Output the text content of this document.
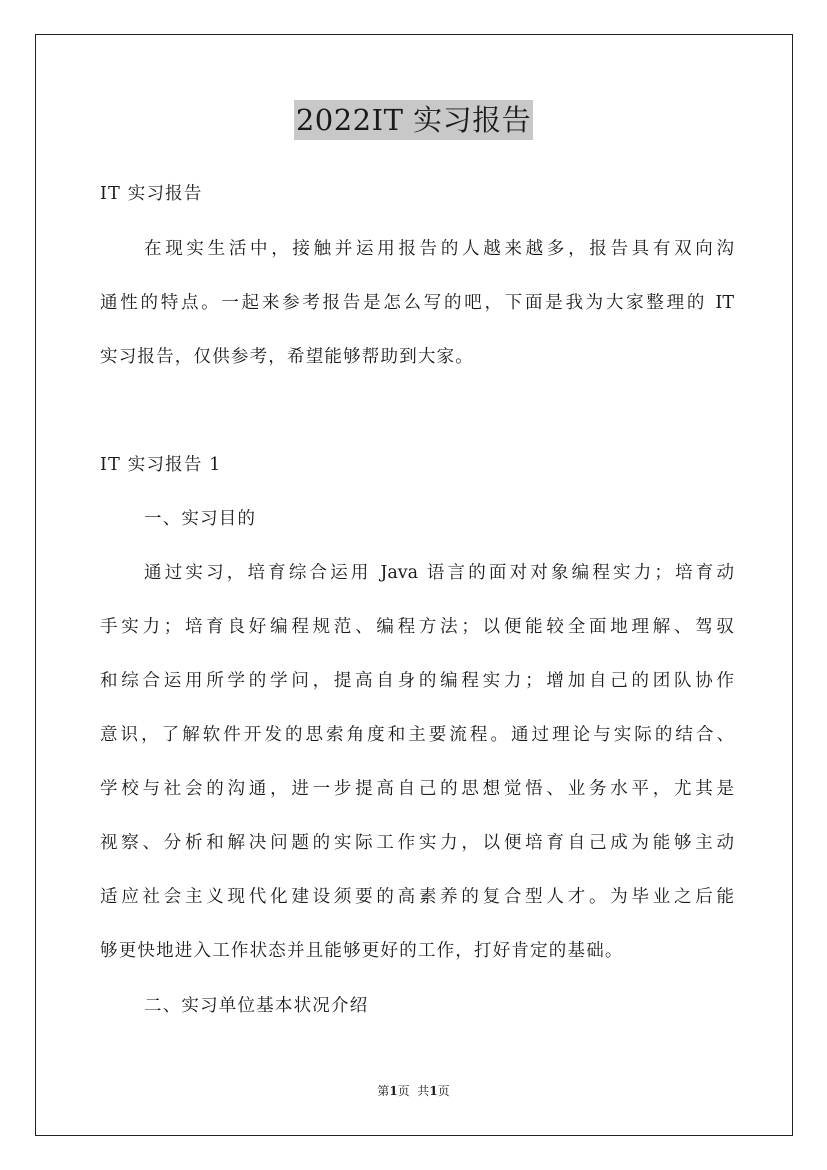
2022IT 实习报告
IT 实习报告
在现实生活中，接触并运用报告的人越来越多，报告具有双向沟
通性的特点。一起来参考报告是怎么写的吧，下面是我为大家整理的 IT
实习报告，仅供参考，希望能够帮助到大家。
IT 实习报告 1
一、实习目的
通过实习，培育综合运用 Java 语言的面对对象编程实力；培育动
手实力；培育良好编程规范、编程方法；以便能较全面地理解、驾驭
和综合运用所学的学问，提高自身的编程实力；增加自己的团队协作
意识，了解软件开发的思索角度和主要流程。通过理论与实际的结合、
学校与社会的沟通，进一步提高自己的思想觉悟、业务水平，尤其是
视察、分析和解决问题的实际工作实力，以便培育自己成为能够主动
适应社会主义现代化建设须要的高素养的复合型人才。为毕业之后能
够更快地进入工作状态并且能够更好的工作，打好肯定的基础。
二、实习单位基本状况介绍
第1页  共1页
